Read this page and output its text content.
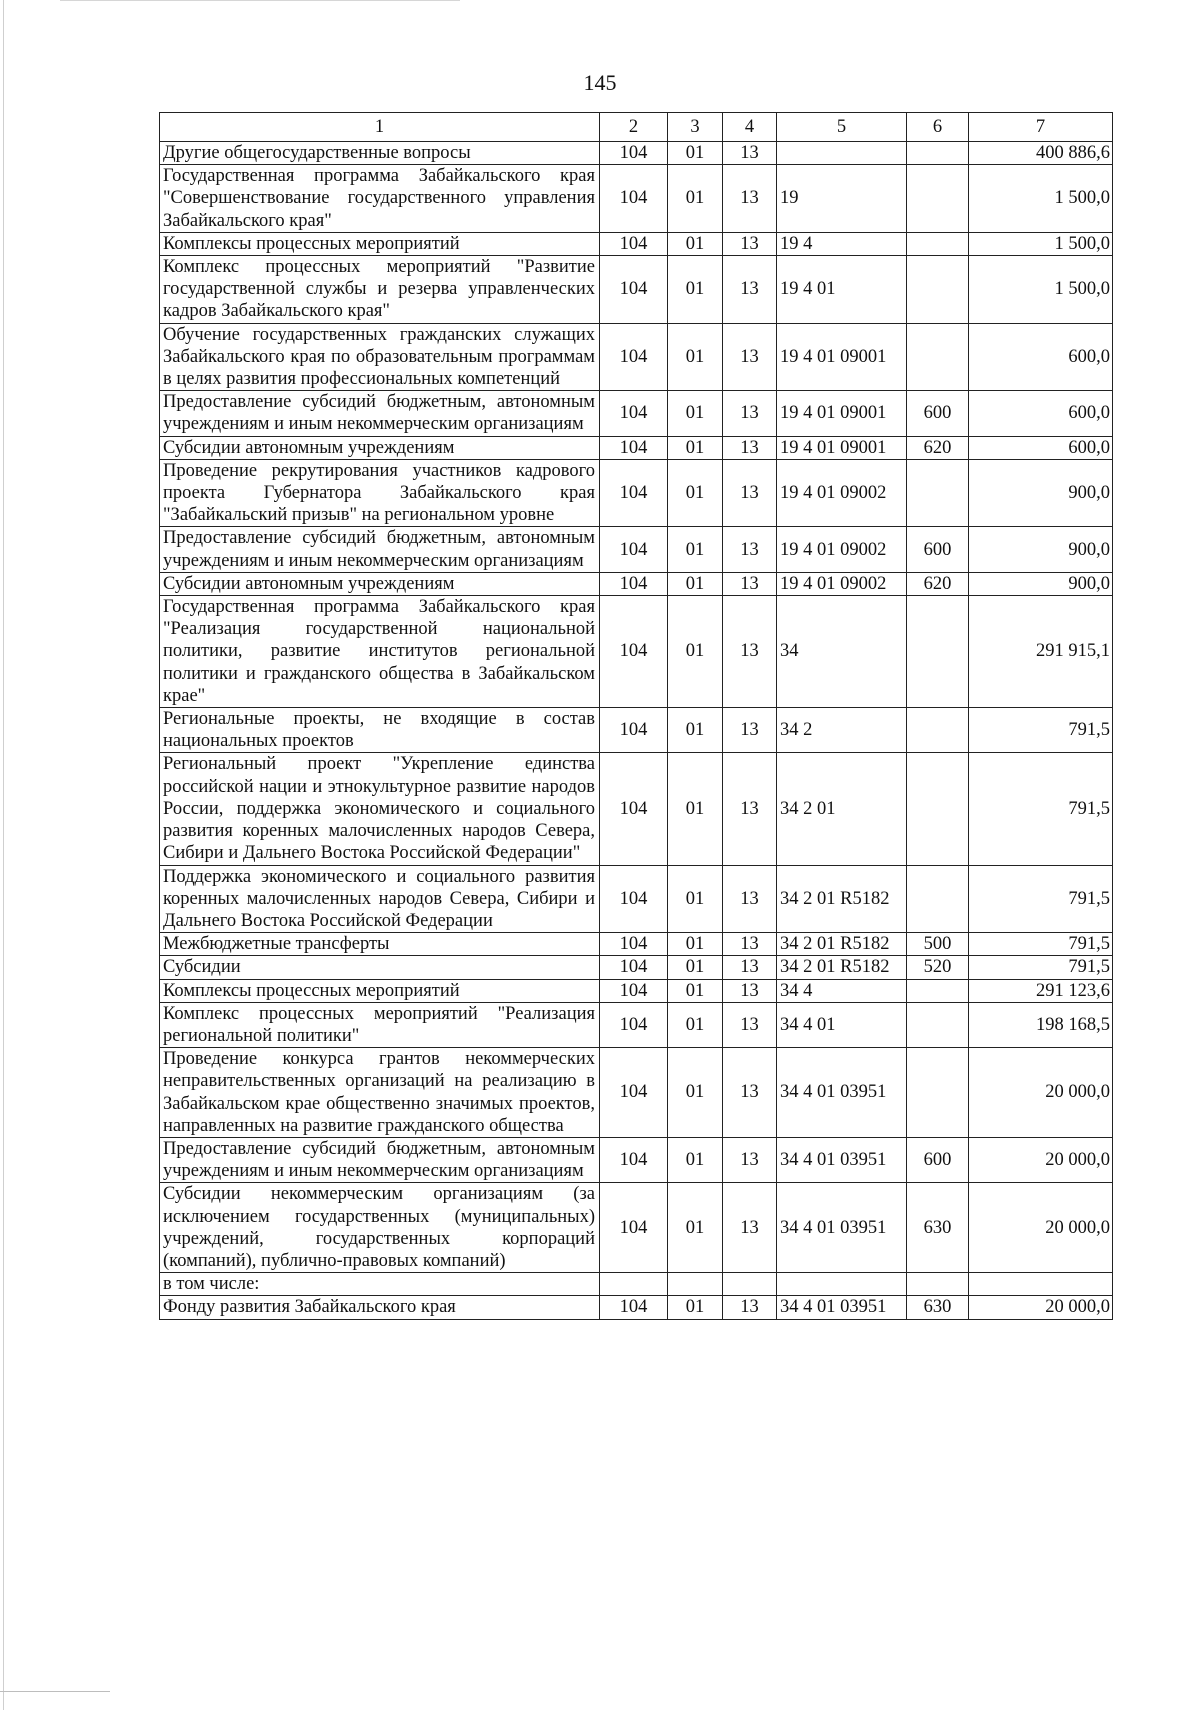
145
1	2	3	4	5	6	7
Другие общегосударственные вопросы	104	01	13			400 886,6
Государственная программа Забайкальского края "Совершенствование государственного управления Забайкальского края"	104	01	13	19		1 500,0
Комплексы процессных мероприятий	104	01	13	19 4		1 500,0
Комплекс процессных мероприятий "Развитие государственной службы и резерва управленческих кадров Забайкальского края"	104	01	13	19 4 01		1 500,0
Обучение государственных гражданских служащих Забайкальского края по образовательным программам в целях развития профессиональных компетенций	104	01	13	19 4 01 09001		600,0
Предоставление субсидий бюджетным, автономным учреждениям и иным некоммерческим организациям	104	01	13	19 4 01 09001	600	600,0
Субсидии автономным учреждениям	104	01	13	19 4 01 09001	620	600,0
Проведение рекрутирования участников кадрового проекта Губернатора Забайкальского края "Забайкальский призыв" на региональном уровне	104	01	13	19 4 01 09002		900,0
Предоставление субсидий бюджетным, автономным учреждениям и иным некоммерческим организациям	104	01	13	19 4 01 09002	600	900,0
Субсидии автономным учреждениям	104	01	13	19 4 01 09002	620	900,0
Государственная программа Забайкальского края "Реализация государственной национальной политики, развитие институтов региональной политики и гражданского общества в Забайкальском крае"	104	01	13	34		291 915,1
Региональные проекты, не входящие в состав национальных проектов	104	01	13	34 2		791,5
Региональный проект "Укрепление единства российской нации и этнокультурное развитие народов России, поддержка экономического и социального развития коренных малочисленных народов Севера, Сибири и Дальнего Востока Российской Федерации"	104	01	13	34 2 01		791,5
Поддержка экономического и социального развития коренных малочисленных народов Севера, Сибири и Дальнего Востока Российской Федерации	104	01	13	34 2 01 R5182		791,5
Межбюджетные трансферты	104	01	13	34 2 01 R5182	500	791,5
Субсидии	104	01	13	34 2 01 R5182	520	791,5
Комплексы процессных мероприятий	104	01	13	34 4		291 123,6
Комплекс процессных мероприятий "Реализация региональной политики"	104	01	13	34 4 01		198 168,5
Проведение конкурса грантов некоммерческих неправительственных организаций на реализацию в Забайкальском крае общественно значимых проектов, направленных на развитие гражданского общества	104	01	13	34 4 01 03951		20 000,0
Предоставление субсидий бюджетным, автономным учреждениям и иным некоммерческим организациям	104	01	13	34 4 01 03951	600	20 000,0
Субсидии некоммерческим организациям (за исключением государственных (муниципальных) учреждений, государственных корпораций (компаний), публично-правовых компаний)	104	01	13	34 4 01 03951	630	20 000,0
в том числе:						
Фонду развития Забайкальского края	104	01	13	34 4 01 03951	630	20 000,0
